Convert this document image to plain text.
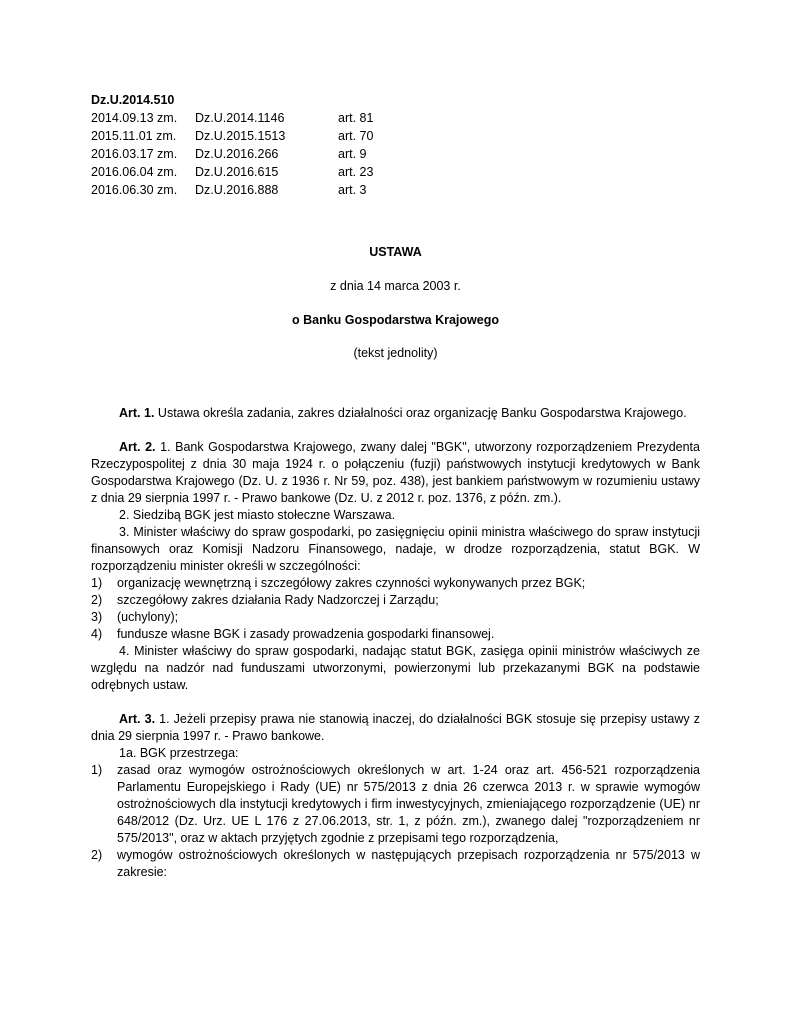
Dz.U.2014.510
2014.09.13 zm.	Dz.U.2014.1146	art. 81
2015.11.01 zm.	Dz.U.2015.1513	art. 70
2016.03.17 zm.	Dz.U.2016.266	art. 9
2016.06.04 zm.	Dz.U.2016.615	art. 23
2016.06.30 zm.	Dz.U.2016.888	art. 3
USTAWA
z dnia 14 marca 2003 r.
o Banku Gospodarstwa Krajowego
(tekst jednolity)

Art. 1. Ustawa określa zadania, zakres działalności oraz organizację Banku Gospodarstwa Krajowego.

Art. 2. 1. Bank Gospodarstwa Krajowego, zwany dalej "BGK", utworzony rozporządzeniem Prezydenta Rzeczypospolitej z dnia 30 maja 1924 r. o połączeniu (fuzji) państwowych instytucji kredytowych w Bank Gospodarstwa Krajowego (Dz. U. z 1936 r. Nr 59, poz. 438), jest bankiem państwowym w rozumieniu ustawy z dnia 29 sierpnia 1997 r. - Prawo bankowe (Dz. U. z 2012 r. poz. 1376, z późn. zm.).

2. Siedzibą BGK jest miasto stołeczne Warszawa.

3. Minister właściwy do spraw gospodarki, po zasięgnięciu opinii ministra właściwego do spraw instytucji finansowych oraz Komisji Nadzoru Finansowego, nadaje, w drodze rozporządzenia, statut BGK. W rozporządzeniu minister określi w szczególności:

1)	organizację wewnętrzną i szczegółowy zakres czynności wykonywanych przez BGK;
2)	szczegółowy zakres działania Rady Nadzorczej i Zarządu;
3)	(uchylony);
4)	fundusze własne BGK i zasady prowadzenia gospodarki finansowej.

4. Minister właściwy do spraw gospodarki, nadając statut BGK, zasięga opinii ministrów właściwych ze względu na nadzór nad funduszami utworzonymi, powierzonymi lub przekazanymi BGK na podstawie odrębnych ustaw.

Art. 3. 1. Jeżeli przepisy prawa nie stanowią inaczej, do działalności BGK stosuje się przepisy ustawy z dnia 29 sierpnia 1997 r. - Prawo bankowe.

1a. BGK przestrzega:

1)	zasad oraz wymogów ostrożnościowych określonych w art. 1-24 oraz art. 456-521 rozporządzenia Parlamentu Europejskiego i Rady (UE) nr 575/2013 z dnia 26 czerwca 2013 r. w sprawie wymogów ostrożnościowych dla instytucji kredytowych i firm inwestycyjnych, zmieniającego rozporządzenie (UE) nr 648/2012 (Dz. Urz. UE L 176 z 27.06.2013, str. 1, z późn. zm.), zwanego dalej "rozporządzeniem nr 575/2013", oraz w aktach przyjętych zgodnie z przepisami tego rozporządzenia,
2)	wymogów ostrożnościowych określonych w następujących przepisach rozporządzenia nr 575/2013 w zakresie:
